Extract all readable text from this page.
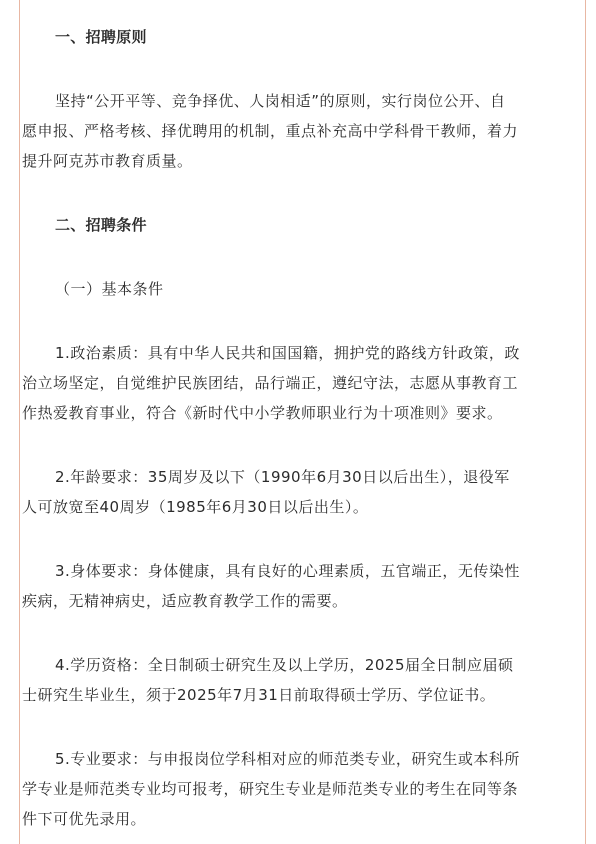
一、招聘原则

坚持“公开平等、竞争择优、人岗相适”的原则，实行岗位公开、自
愿申报、严格考核、择优聘用的机制，重点补充高中学科骨干教师，着力
提升阿克苏市教育质量。

二、招聘条件

（一）基本条件

1.政治素质：具有中华人民共和国国籍，拥护党的路线方针政策，政
治立场坚定，自觉维护民族团结，品行端正，遵纪守法，志愿从事教育工
作热爱教育事业，符合《新时代中小学教师职业行为十项准则》要求。

2.年龄要求：35周岁及以下（1990年6月30日以后出生），退役军
人可放宽至40周岁（1985年6月30日以后出生）。

3.身体要求：身体健康，具有良好的心理素质，五官端正，无传染性
疾病，无精神病史，适应教育教学工作的需要。

4.学历资格：全日制硕士研究生及以上学历，2025届全日制应届硕
士研究生毕业生，须于2025年7月31日前取得硕士学历、学位证书。

5.专业要求：与申报岗位学科相对应的师范类专业，研究生或本科所
学专业是师范类专业均可报考，研究生专业是师范类专业的考生在同等条
件下可优先录用。
